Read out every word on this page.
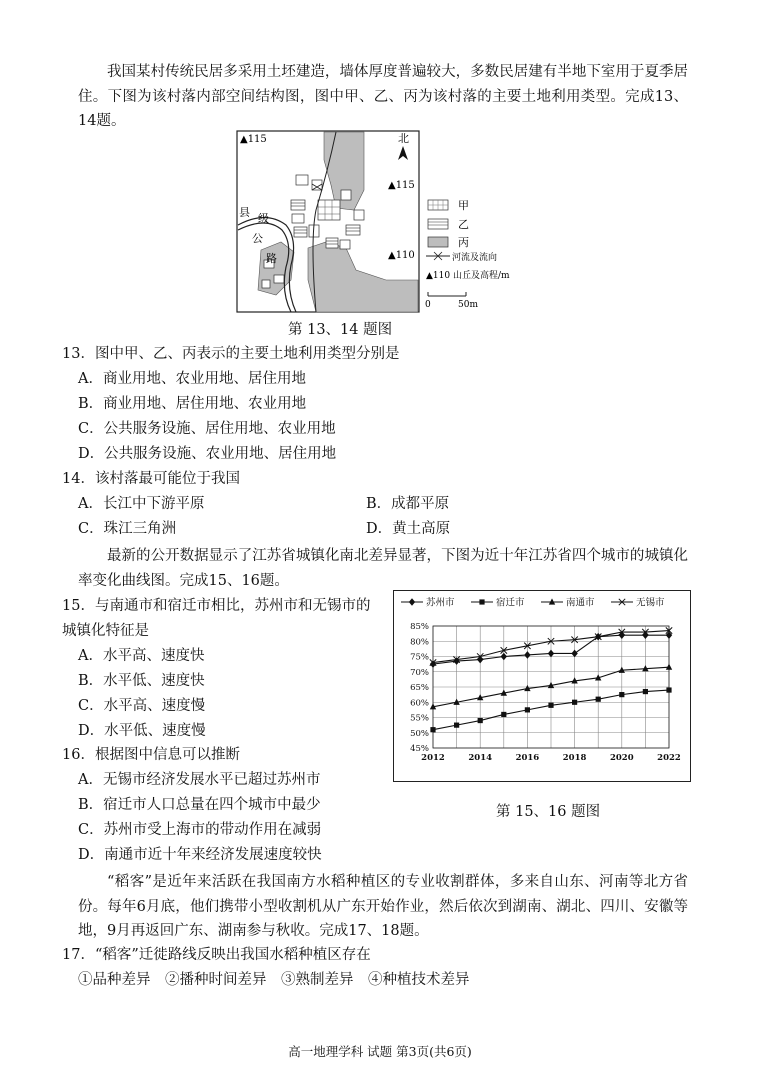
我国某村传统民居多采用土坯建造，墙体厚度普遍较大，多数民居建有半地下室用于夏季居住。下图为该村落内部空间结构图，图中甲、乙、丙为该村落的主要土地利用类型。完成13、14题。
北
▲115
▲115
▲110
县 级
公
路
甲
乙
丙
河流及流向
▲110 山丘及高程/m
0	50m
第 13、14 题图
13．图中甲、乙、丙表示的主要土地利用类型分别是
A．商业用地、农业用地、居住用地
B．商业用地、居住用地、农业用地
C．公共服务设施、居住用地、农业用地
D．公共服务设施、农业用地、居住用地
14．该村落最可能位于我国
A．长江中下游平原	B．成都平原
C．珠江三角洲	D．黄土高原
最新的公开数据显示了江苏省城镇化南北差异显著，下图为近十年江苏省四个城市的城镇化率变化曲线图。完成15、16题。
15．与南通市和宿迁市相比，苏州市和无锡市的
城镇化特征是
A．水平高、速度快
B．水平低、速度快
C．水平高、速度慢
D．水平低、速度慢
苏州市	宿迁市	南通市	无锡市
45%
50%
55%
60%
65%
70%
75%
80%
85%
2012	2014	2016	2018	2020	2022
第 15、16 题图
16．根据图中信息可以推断
A．无锡市经济发展水平已超过苏州市
B．宿迁市人口总量在四个城市中最少
C．苏州市受上海市的带动作用在减弱
D．南通市近十年来经济发展速度较快
“稻客”是近年来活跃在我国南方水稻种植区的专业收割群体，多来自山东、河南等北方省份。每年6月底，他们携带小型收割机从广东开始作业，然后依次到湖南、湖北、四川、安徽等地，9月再返回广东、湖南参与秋收。完成17、18题。
17．“稻客”迁徙路线反映出我国水稻种植区存在
①品种差异　②播种时间差异　③熟制差异　④种植技术差异
高一地理学科 试题 第3页(共6页)
